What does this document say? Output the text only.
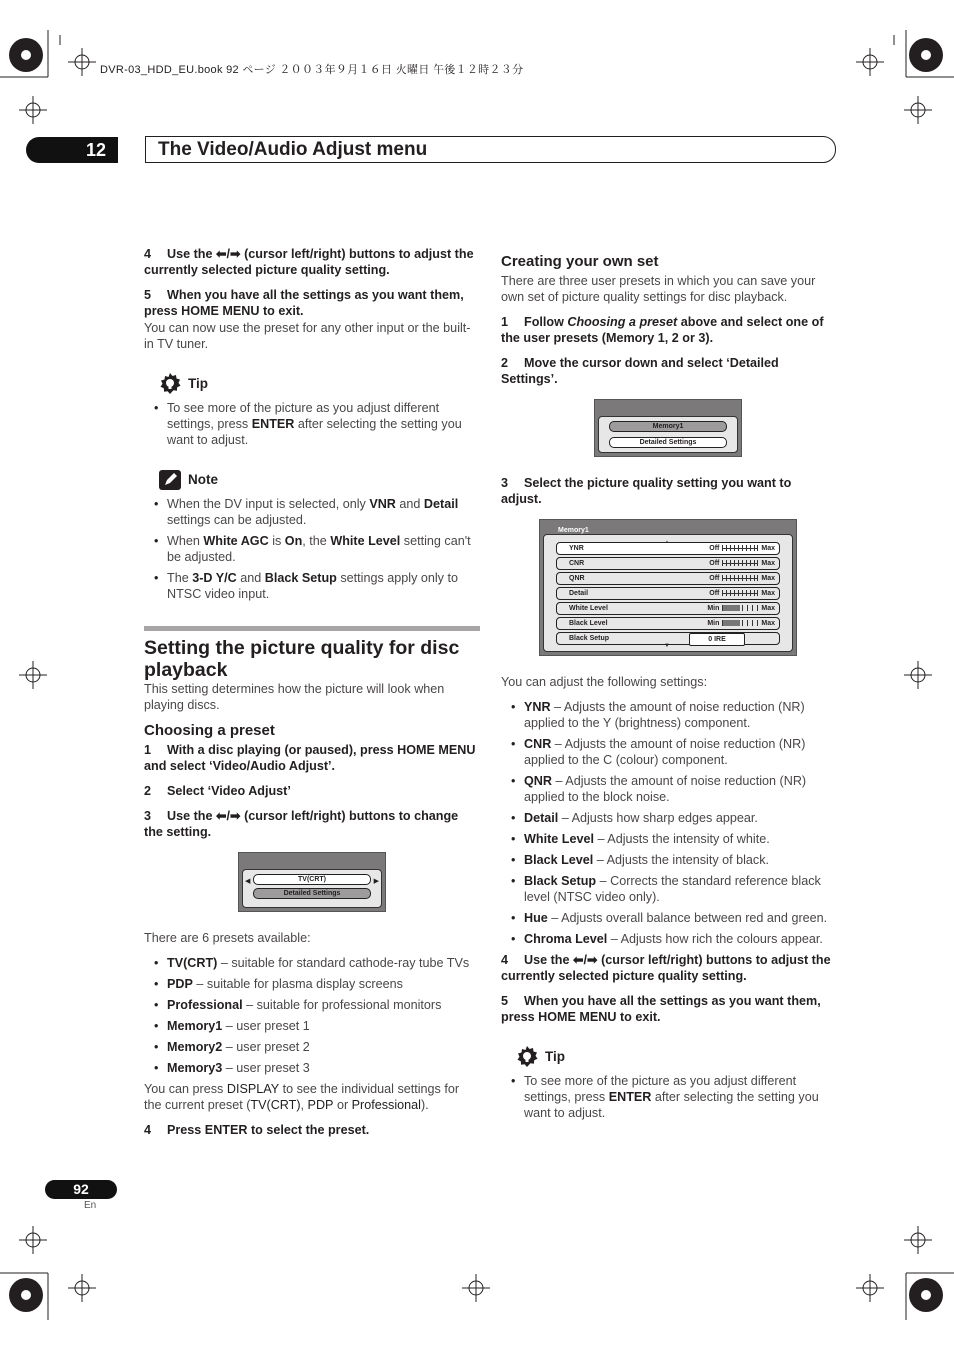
DVR-03_HDD_EU.book 92 ページ ２００３年９月１６日 火曜日 午後１２時２３分
12	The Video/Audio Adjust menu
4 Use the ⬅/➡ (cursor left/right) buttons to adjust the currently selected picture quality setting.
5 When you have all the settings as you want them, press HOME MENU to exit.
You can now use the preset for any other input or the built-in TV tuner.
Tip
• To see more of the picture as you adjust different settings, press ENTER after selecting the setting you want to adjust.
Note
• When the DV input is selected, only VNR and Detail settings can be adjusted.
• When White AGC is On, the White Level setting can't be adjusted.
• The 3-D Y/C and Black Setup settings apply only to NTSC video input.
Setting the picture quality for disc playback
This setting determines how the picture will look when playing discs.
Choosing a preset
1 With a disc playing (or paused), press HOME MENU and select ‘Video/Audio Adjust’.
2 Select ‘Video Adjust’
3 Use the ⬅/➡ (cursor left/right) buttons to change the setting.
TV(CRT)
Detailed Settings
◀	▶
There are 6 presets available:
• TV(CRT) – suitable for standard cathode-ray tube TVs
• PDP – suitable for plasma display screens
• Professional – suitable for professional monitors
• Memory1 – user preset 1
• Memory2 – user preset 2
• Memory3 – user preset 3
You can press DISPLAY to see the individual settings for the current preset (TV(CRT), PDP or Professional).
4 Press ENTER to select the preset.
Creating your own set
There are three user presets in which you can save your own set of picture quality settings for disc playback.
1 Follow Choosing a preset above and select one of the user presets (Memory 1, 2 or 3).
2 Move the cursor down and select ‘Detailed Settings’.
Memory1
Detailed Settings
3 Select the picture quality setting you want to adjust.
Memory1
YNR	Off	Max
CNR	Off	Max
QNR	Off	Max
Detail	Off	Max
White Level	Min	Max
Black Level	Min	Max
Black Setup	0 IRE
▼
You can adjust the following settings:
• YNR – Adjusts the amount of noise reduction (NR) applied to the Y (brightness) component.
• CNR – Adjusts the amount of noise reduction (NR) applied to the C (colour) component.
• QNR – Adjusts the amount of noise reduction (NR) applied to the block noise.
• Detail – Adjusts how sharp edges appear.
• White Level – Adjusts the intensity of white.
• Black Level – Adjusts the intensity of black.
• Black Setup – Corrects the standard reference black level (NTSC video only).
• Hue – Adjusts overall balance between red and green.
• Chroma Level – Adjusts how rich the colours appear.
4 Use the ⬅/➡ (cursor left/right) buttons to adjust the currently selected picture quality setting.
5 When you have all the settings as you want them, press HOME MENU to exit.
Tip
• To see more of the picture as you adjust different settings, press ENTER after selecting the setting you want to adjust.
92
En
